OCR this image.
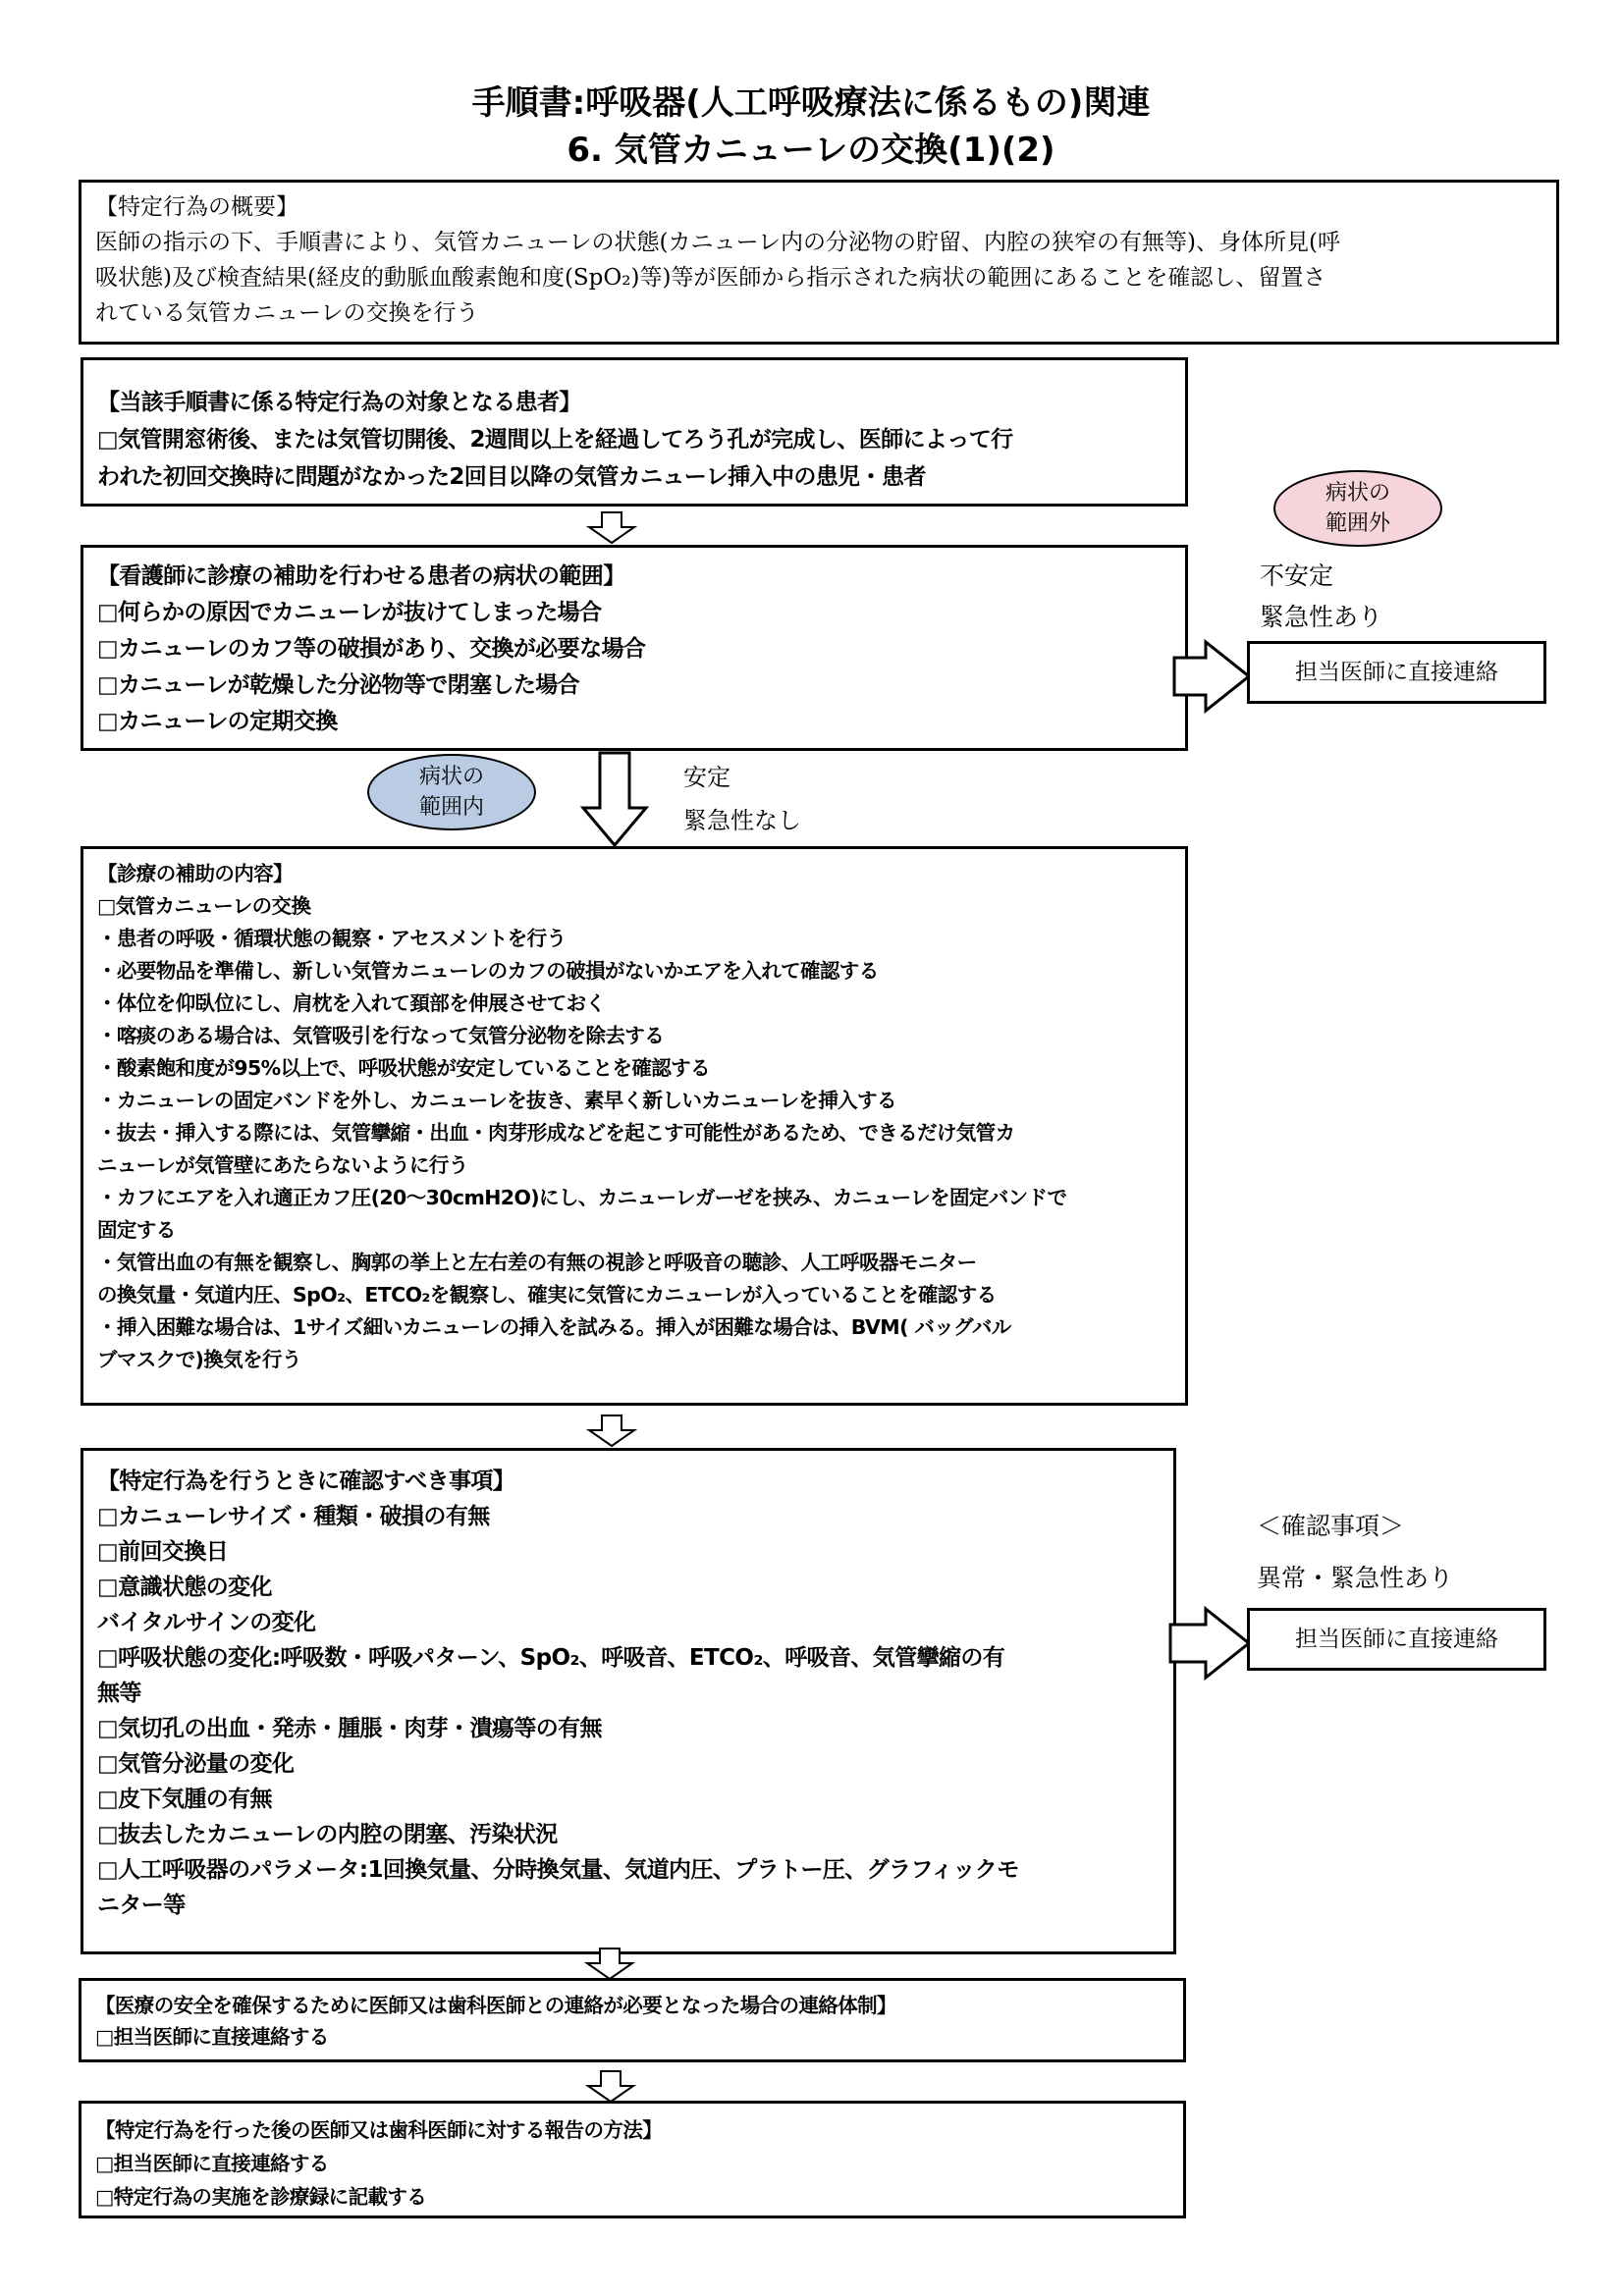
手順書:呼吸器(人工呼吸療法に係るもの)関連
6. 気管カニューレの交換(1)(2)
【特定行為の概要】
医師の指示の下、手順書により、気管カニューレの状態(カニューレ内の分泌物の貯留、内腔の狭窄の有無等)、身体所見(呼
吸状態)及び検査結果(経皮的動脈血酸素飽和度(SpO₂)等)等が医師から指示された病状の範囲にあることを確認し、留置さ
れている気管カニューレの交換を行う
【当該手順書に係る特定行為の対象となる患者】
□気管開窓術後、または気管切開後、2週間以上を経過してろう孔が完成し、医師によって行
われた初回交換時に問題がなかった2回目以降の気管カニューレ挿入中の患児・患者
病状の
範囲外
不安定
緊急性あり
【看護師に診療の補助を行わせる患者の病状の範囲】
□何らかの原因でカニューレが抜けてしまった場合
□カニューレのカフ等の破損があり、交換が必要な場合
□カニューレが乾燥した分泌物等で閉塞した場合
□カニューレの定期交換
担当医師に直接連絡
病状の
範囲内
安定
緊急性なし
【診療の補助の内容】
□気管カニューレの交換
・患者の呼吸・循環状態の観察・アセスメントを行う
・必要物品を準備し、新しい気管カニューレのカフの破損がないかエアを入れて確認する
・体位を仰臥位にし、肩枕を入れて頚部を伸展させておく
・喀痰のある場合は、気管吸引を行なって気管分泌物を除去する
・酸素飽和度が95%以上で、呼吸状態が安定していることを確認する
・カニューレの固定バンドを外し、カニューレを抜き、素早く新しいカニューレを挿入する
・抜去・挿入する際には、気管攣縮・出血・肉芽形成などを起こす可能性があるため、できるだけ気管カ
ニューレが気管壁にあたらないように行う
・カフにエアを入れ適正カフ圧(20～30cmH2O)にし、カニューレガーゼを挟み、カニューレを固定バンドで
固定する
・気管出血の有無を観察し、胸郭の挙上と左右差の有無の視診と呼吸音の聴診、人工呼吸器モニター
の換気量・気道内圧、SpO₂、ETCO₂を観察し、確実に気管にカニューレが入っていることを確認する
・挿入困難な場合は、1サイズ細いカニューレの挿入を試みる。挿入が困難な場合は、BVM( バッグバル
ブマスクで)換気を行う
【特定行為を行うときに確認すべき事項】
□カニューレサイズ・種類・破損の有無
□前回交換日
□意識状態の変化
バイタルサインの変化
□呼吸状態の変化:呼吸数・呼吸パターン、SpO₂、呼吸音、ETCO₂、呼吸音、気管攣縮の有
無等
□気切孔の出血・発赤・腫脹・肉芽・潰瘍等の有無
□気管分泌量の変化
□皮下気腫の有無
□抜去したカニューレの内腔の閉塞、汚染状況
□人工呼吸器のパラメータ:1回換気量、分時換気量、気道内圧、プラトー圧、グラフィックモ
ニター等
＜確認事項＞
異常・緊急性あり
担当医師に直接連絡
【医療の安全を確保するために医師又は歯科医師との連絡が必要となった場合の連絡体制】
□担当医師に直接連絡する
【特定行為を行った後の医師又は歯科医師に対する報告の方法】
□担当医師に直接連絡する
□特定行為の実施を診療録に記載する
